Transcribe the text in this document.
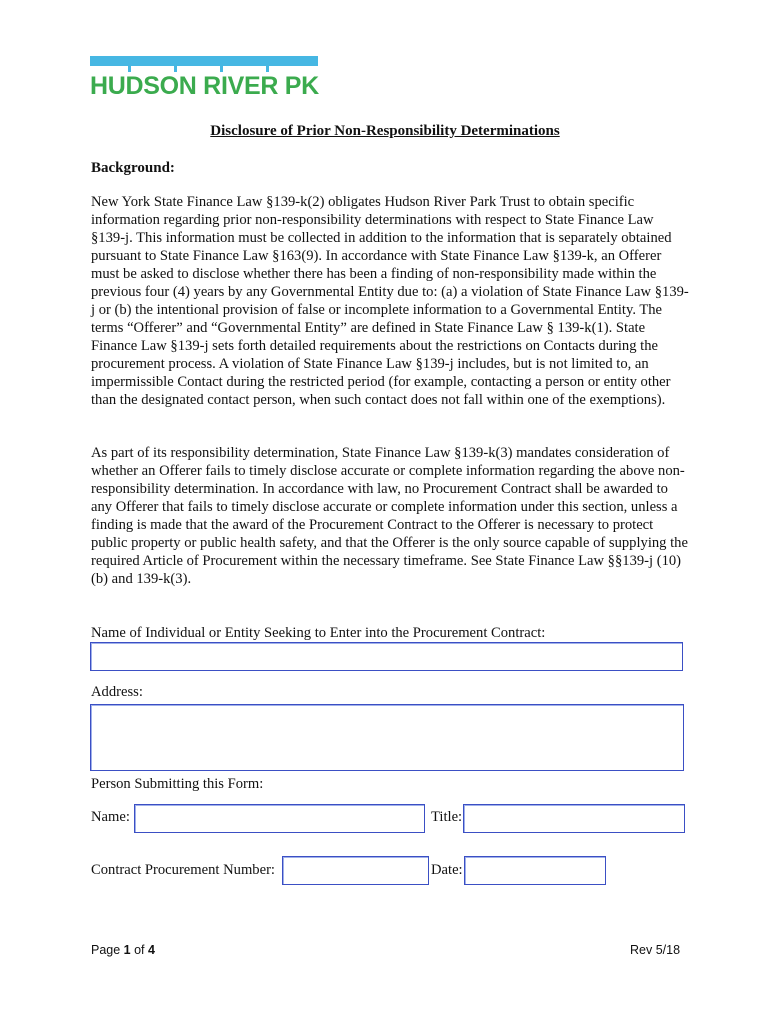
HUDSON RIVER PK
Disclosure of Prior Non-Responsibility Determinations
Background:

New York State Finance Law §139-k(2) obligates Hudson River Park Trust to obtain specific information regarding prior non-responsibility determinations with respect to State Finance Law §139-j. This information must be collected in addition to the information that is separately obtained pursuant to State Finance Law §163(9). In accordance with State Finance Law §139-k, an Offerer must be asked to disclose whether there has been a finding of non-responsibility made within the previous four (4) years by any Governmental Entity due to: (a) a violation of State Finance Law §139-j or (b) the intentional provision of false or incomplete information to a Governmental Entity. The terms “Offerer” and “Governmental Entity” are defined in State Finance Law § 139-k(1). State Finance Law §139-j sets forth detailed requirements about the restrictions on Contacts during the procurement process. A violation of State Finance Law §139-j includes, but is not limited to, an impermissible Contact during the restricted period (for example, contacting a person or entity other than the designated contact person, when such contact does not fall within one of the exemptions).

As part of its responsibility determination, State Finance Law §139-k(3) mandates consideration of whether an Offerer fails to timely disclose accurate or complete information regarding the above non-responsibility determination. In accordance with law, no Procurement Contract shall be awarded to any Offerer that fails to timely disclose accurate or complete information under this section, unless a finding is made that the award of the Procurement Contract to the Offerer is necessary to protect public property or public health safety, and that the Offerer is the only source capable of supplying the required Article of Procurement within the necessary timeframe. See State Finance Law §§139-j (10)(b) and 139-k(3).

Name of Individual or Entity Seeking to Enter into the Procurement Contract:
Address:
Person Submitting this Form:
Name:	Title:
Contract Procurement Number:	Date:
Page 1 of 4	Rev 5/18
